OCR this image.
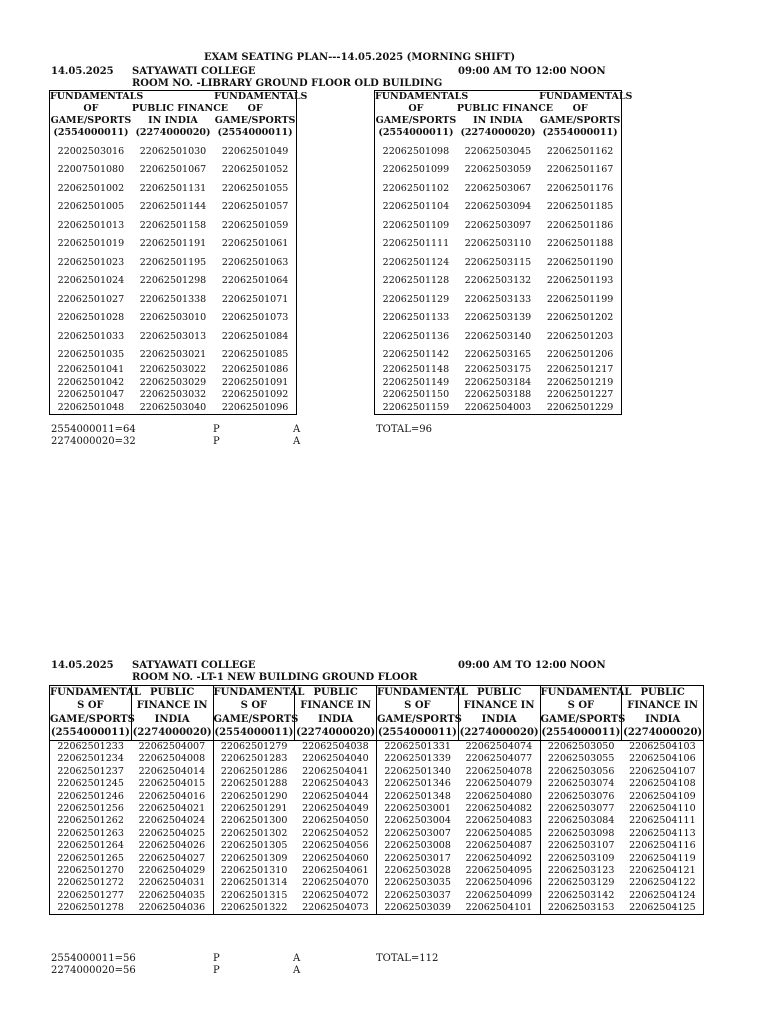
EXAM SEATING PLAN---14.05.2025 (MORNING SHIFT)
14.05.2025 SATYAWATI COLLEGE	09:00 AM TO 12:00 NOON
ROOM NO. -LIBRARY GROUND FLOOR OLD BUILDING
FUNDAMENTALS
OF
GAME/SPORTS
(2554000011)	PUBLIC FINANCE
IN INDIA
(2274000020)	FUNDAMENTALS
OF
GAME/SPORTS
(2554000011)
22002503016	22062501030	22062501049
22007501080	22062501067	22062501052
22062501002	22062501131	22062501055
22062501005	22062501144	22062501057
22062501013	22062501158	22062501059
22062501019	22062501191	22062501061
22062501023	22062501195	22062501063
22062501024	22062501298	22062501064
22062501027	22062501338	22062501071
22062501028	22062503010	22062501073
22062501033	22062503013	22062501084
22062501035	22062503021	22062501085
22062501041	22062503022	22062501086
22062501042	22062503029	22062501091
22062501047	22062503032	22062501092
22062501048	22062503040	22062501096
FUNDAMENTALS
OF
GAME/SPORTS
(2554000011)	PUBLIC FINANCE
IN INDIA
(2274000020)	FUNDAMENTALS
OF
GAME/SPORTS
(2554000011)
22062501098	22062503045	22062501162
22062501099	22062503059	22062501167
22062501102	22062503067	22062501176
22062501104	22062503094	22062501185
22062501109	22062503097	22062501186
22062501111	22062503110	22062501188
22062501124	22062503115	22062501190
22062501128	22062503132	22062501193
22062501129	22062503133	22062501199
22062501133	22062503139	22062501202
22062501136	22062503140	22062501203
22062501142	22062503165	22062501206
22062501148	22062503175	22062501217
22062501149	22062503184	22062501219
22062501150	22062503188	22062501227
22062501159	22062504003	22062501229
2554000011=64	P	A	TOTAL=96
2274000020=32	P	A
14.05.2025 SATYAWATI COLLEGE	09:00 AM TO 12:00 NOON
ROOM NO. -LT-1 NEW BUILDING GROUND FLOOR
FUNDAMENTAL
S OF
GAME/SPORTS
(2554000011)	PUBLIC
FINANCE IN
INDIA
(2274000020)	FUNDAMENTAL
S OF
GAME/SPORTS
(2554000011)	PUBLIC
FINANCE IN
INDIA
(2274000020)	FUNDAMENTAL
S OF
GAME/SPORTS
(2554000011)	PUBLIC
FINANCE IN
INDIA
(2274000020)	FUNDAMENTAL
S OF
GAME/SPORTS
(2554000011)	PUBLIC
FINANCE IN
INDIA
(2274000020)
22062501233	22062504007	22062501279	22062504038	22062501331	22062504074	22062503050	22062504103
22062501234	22062504008	22062501283	22062504040	22062501339	22062504077	22062503055	22062504106
22062501237	22062504014	22062501286	22062504041	22062501340	22062504078	22062503056	22062504107
22062501245	22062504015	22062501288	22062504043	22062501346	22062504079	22062503074	22062504108
22062501246	22062504016	22062501290	22062504044	22062501348	22062504080	22062503076	22062504109
22062501256	22062504021	22062501291	22062504049	22062503001	22062504082	22062503077	22062504110
22062501262	22062504024	22062501300	22062504050	22062503004	22062504083	22062503084	22062504111
22062501263	22062504025	22062501302	22062504052	22062503007	22062504085	22062503098	22062504113
22062501264	22062504026	22062501305	22062504056	22062503008	22062504087	22062503107	22062504116
22062501265	22062504027	22062501309	22062504060	22062503017	22062504092	22062503109	22062504119
22062501270	22062504029	22062501310	22062504061	22062503028	22062504095	22062503123	22062504121
22062501272	22062504031	22062501314	22062504070	22062503035	22062504096	22062503129	22062504122
22062501277	22062504035	22062501315	22062504072	22062503037	22062504099	22062503142	22062504124
22062501278	22062504036	22062501322	22062504073	22062503039	22062504101	22062503153	22062504125
2554000011=56	P	A	TOTAL=112
2274000020=56	P	A
